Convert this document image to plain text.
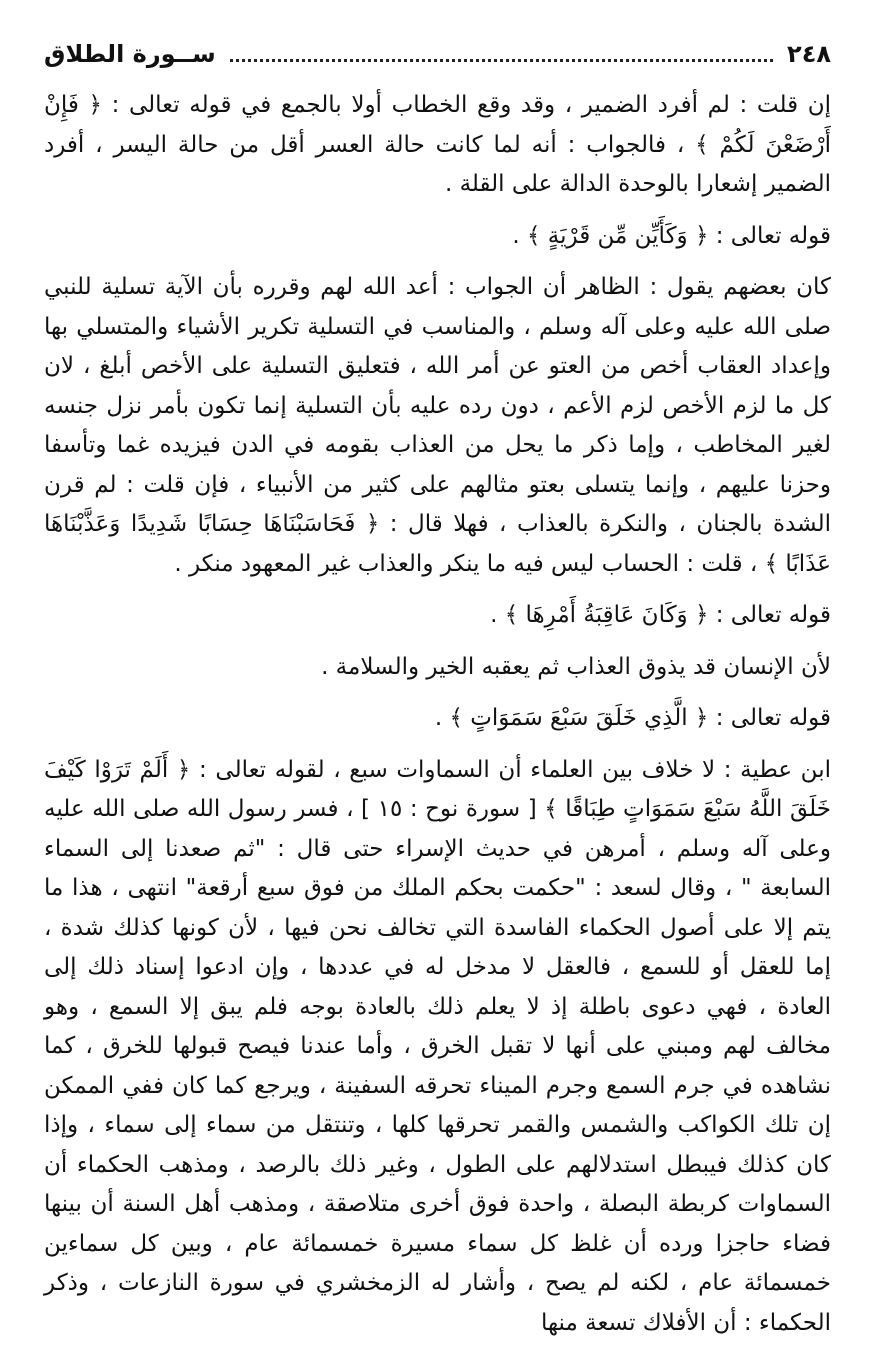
٢٤٨
ســورة الطلاق

إن قلت : لم أفرد الضمير ، وقد وقع الخطاب أولا بالجمع في قوله تعالى : ﴿ فَإِنْ أَرْضَعْنَ لَكُمْ ﴾ ، فالجواب : أنه لما كانت حالة العسر أقل من حالة اليسر ، أفرد الضمير إشعارا بالوحدة الدالة على القلة .

قوله تعالى : ﴿ وَكَأَيِّن مِّن قَرْيَةٍ ﴾ .

كان بعضهم يقول : الظاهر أن الجواب : أعد الله لهم وقرره بأن الآية تسلية للنبي صلى الله عليه وعلى آله وسلم ، والمناسب في التسلية تكرير الأشياء والمتسلي بها وإعداد العقاب أخص من العتو عن أمر الله ، فتعليق التسلية على الأخص أبلغ ، لان كل ما لزم الأخص لزم الأعم ، دون رده عليه بأن التسلية إنما تكون بأمر نزل جنسه لغير المخاطب ، وإما ذكر ما يحل من العذاب بقومه في الدن فيزيده غما وتأسفا وحزنا عليهم ، وإنما يتسلى بعتو مثالهم على كثير من الأنبياء ، فإن قلت : لم قرن الشدة بالجنان ، والنكرة بالعذاب ، فهلا قال : ﴿ فَحَاسَبْنَاهَا حِسَابًا شَدِيدًا وَعَذَّبْنَاهَا عَذَابًا ﴾ ، قلت : الحساب ليس فيه ما ينكر والعذاب غير المعهود منكر .

قوله تعالى : ﴿ وَكَانَ عَاقِبَةُ أَمْرِهَا ﴾ .

لأن الإنسان قد يذوق العذاب ثم يعقبه الخير والسلامة .

قوله تعالى : ﴿ الَّذِي خَلَقَ سَبْعَ سَمَوَاتٍ ﴾ .

ابن عطية : لا خلاف بين العلماء أن السماوات سبع ، لقوله تعالى : ﴿ أَلَمْ تَرَوْا كَيْفَ خَلَقَ اللَّهُ سَبْعَ سَمَوَاتٍ طِبَاقًا ﴾ [ سورة نوح : ١٥ ] ، فسر رسول الله صلى الله عليه وعلى آله وسلم ، أمرهن في حديث الإسراء حتى قال : "ثم صعدنا إلى السماء السابعة " ، وقال لسعد : "حكمت بحكم الملك من فوق سبع أرقعة" انتهى ، هذا ما يتم إلا على أصول الحكماء الفاسدة التي تخالف نحن فيها ، لأن كونها كذلك شدة ، إما للعقل أو للسمع ، فالعقل لا مدخل له في عددها ، وإن ادعوا إسناد ذلك إلى العادة ، فهي دعوى باطلة إذ لا يعلم ذلك بالعادة بوجه فلم يبق إلا السمع ، وهو مخالف لهم ومبني على أنها لا تقبل الخرق ، وأما عندنا فيصح قبولها للخرق ، كما نشاهده في جرم السمع وجرم الميناء تحرقه السفينة ، ويرجع كما كان ففي الممكن إن تلك الكواكب والشمس والقمر تحرقها كلها ، وتنتقل من سماء إلى سماء ، وإذا كان كذلك فيبطل استدلالهم على الطول ، وغير ذلك بالرصد ، ومذهب الحكماء أن السماوات كربطة البصلة ، واحدة فوق أخرى متلاصقة ، ومذهب أهل السنة أن بينها فضاء حاجزا ورده أن غلظ كل سماء مسيرة خمسمائة عام ، وبين كل سماءين خمسمائة عام ، لكنه لم يصح ، وأشار له الزمخشري في سورة النازعات ، وذكر الحكماء : أن الأفلاك تسعة منها
